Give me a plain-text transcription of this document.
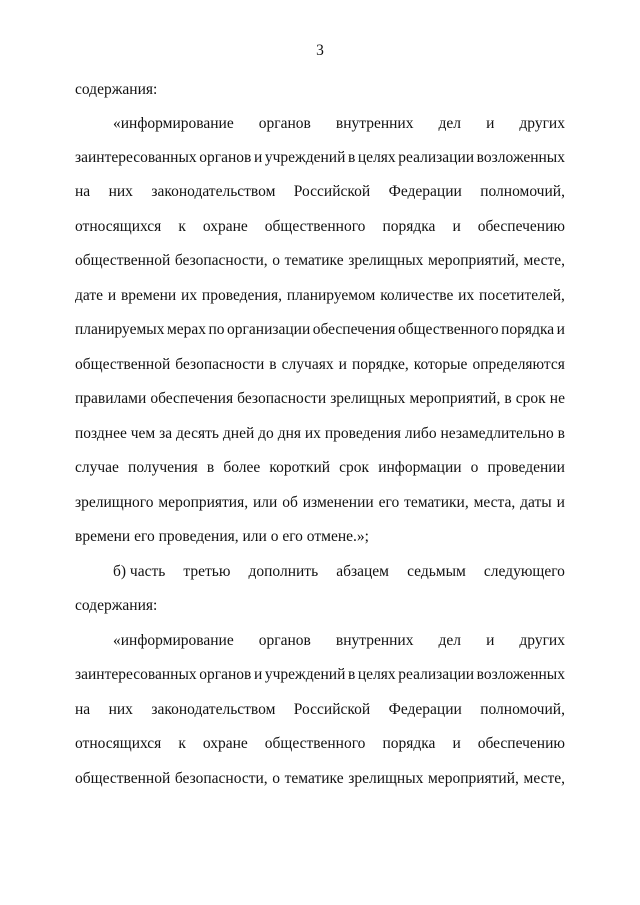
3
содержания:
«информирование органов внутренних дел и других
заинтересованных органов и учреждений в целях реализации возложенных
на них законодательством Российской Федерации полномочий,
относящихся к охране общественного порядка и обеспечению
общественной безопасности, о тематике зрелищных мероприятий, месте,
дате и времени их проведения, планируемом количестве их посетителей,
планируемых мерах по организации обеспечения общественного порядка и
общественной безопасности в случаях и порядке, которые определяются
правилами обеспечения безопасности зрелищных мероприятий, в срок не
позднее чем за десять дней до дня их проведения либо незамедлительно в
случае получения в более короткий срок информации о проведении
зрелищного мероприятия, или об изменении его тематики, места, даты и
времени его проведения, или о его отмене.»;
б) часть третью дополнить абзацем седьмым следующего
содержания:
«информирование органов внутренних дел и других
заинтересованных органов и учреждений в целях реализации возложенных
на них законодательством Российской Федерации полномочий,
относящихся к охране общественного порядка и обеспечению
общественной безопасности, о тематике зрелищных мероприятий, месте,
